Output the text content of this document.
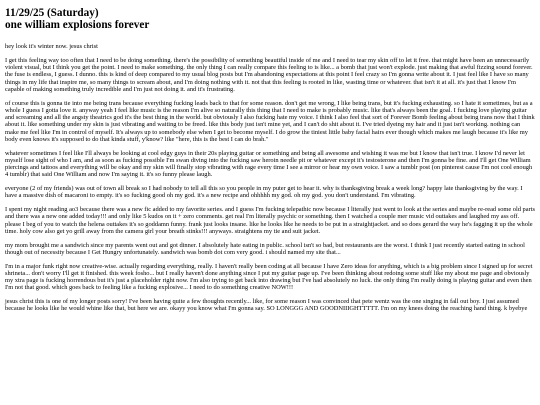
11/29/25 (Saturday)
one william explosions forever

hey look it's winter now. jesus christ

I get this feeling way too often that I need to be doing something. there's the possibility of something beautiful inside of me and I need to tear my skin off to let it free. that might have been an unnecessarily violent visual, but I think you get the point. I need to make something. the only thing I can really compare this feeling to is like... a bomb that just won't explode. just making that awful fizzing sound forever. the fuse is endless, I guess. I dunno. this is kind of deep compared to my usual blog posts but I'm abandoning expectations at this point I feel crazy so I'm gonna write about it. I just feel like I have so many things in my life that inspire me, so many things to scream about, and I'm doing nothing with it. not that this feeling is rooted in like, wasting time or whatever. that isn't it at all. it's just that I know I'm capable of making something truly incredible and I'm just not doing it. and it's frustrating.

of course this is gonna tie into me being trans because everything fucking leads back to that for some reason. don't get me wrong, I like being trans, but it's fucking exhausting. so I hate it sometimes, but as a whole I guess I gotta love it. anyway yeah I feel like music is the reason I'm alive so naturally this thing that I need to make is probably music. like that's always been the goal. I fucking love playing guitar and screaming and all the angsty theatrics god it's the best thing in the world. but obviously I also fucking hate my voice. I think I also feel that sort of Forever Bomb feeling about being trans now that I think about it. like something under my skin is just vibrating and waiting to be freed. like this body just isn't mine yet, and I can't do shit about it. I've tried dyeing my hair and it just isn't working. nothing can make me feel like I'm in control of myself. It's always up to somebody else when I get to become myself. I do grow the tiniest little baby facial hairs ever though which makes me laugh because it's like my body even knows it's supposed to do that kinda stuff, y'know? like "here, this is the best I can do brah."

whatever sometimes I feel like I'll always be looking at cool edgy guys in their 20s playing guitar or something and being all awesome and wishing it was me but I know that isn't true. I know I'd never let myself lose sight of who I am, and as soon as fucking possible I'm swan diving into the fucking saw heroin needle pit or whatever except it's testosterone and then I'm gonna be fine. and I'll get One William piercings and tattoos and everything will be okay and my skin will finally stop vibrating with rage every time I see a mirror or hear my own voice. I saw a tumblr post (on pinterest cause I'm not cool enough 4 tumblr) that said One William and now I'm saying it. it's so funny please laugh.

everyone (2 of my friends) was out of town all break so I had nobody to tell all this so you people in my puter get to hear it. why is thanksgiving break a week long? happy late thanksgiving by the way. I have a massive dish of macaroni to empty. it's so fucking good oh my god. it's a new recipe and ohhhhh my god. oh my god. you don't understand. I'm vibrating.

I spent my night reading ao3 because there was a new fic added to my favorite series. and I guess I'm fucking telepathic now because I literally just went to look at the series and maybe re-read some old parts and there was a new one added today!!! and only like 5 kudos on it + zero comments. get real I'm literally psychic or something. then I watched a couple mer music vid outtakes and laughed my ass off. please I beg of you to watch the helena outtakes it's so goddamn funny. frank just looks insane. like he looks like he needs to be put in a straightjacket. and so does gerard the way he's fagging it up the whole time. holy cow also get yo grill away from the camera girl your breath stinks!!! anyways. straightens my tie and suit jacket.

my mom brought me a sandwich since my parents went out and got dinner. I absolutely hate eating in public. school isn't so bad, but restaurants are the worst. I think I just recently started eating in school though out of necessity because I Get Hungry unfortunately. sandwich was bomb dot com very good. i should named my site that...

I'm in a major funk right now creative-wise. actually regarding everything, really. I haven't really been coding at all because I have Zero ideas for anything, which is a big problem since I signed up for secret shrineta... don't worry I'll get it finished. this week fosho... but I really haven't done anything since I put my guitar page up. I've been thinking about redoing some stuff like my about me page and obviously my xtra page is fucking horrendous but it's just a placeholder right now. I'm also trying to get back into drawing but I've had absolutely no luck. the only thing I'm really doing is playing guitar and even then I'm not that good. which goes back to feeling like a fucking explosive... I need to do something creative NOW!!!

jesus christ this is one of my longer posts sorry! I've been having quite a few thoughts recently... like, for some reason I was convinced that pete wentz was the one singing in fall out boy. I just assumed because he looks like he would whine like that, but here we are. okayy you know what I'm gonna say. SO LONGGG AND GOODNIIIGHTTTTT. I'm on my knees doing the reaching hand thing. k byebye
